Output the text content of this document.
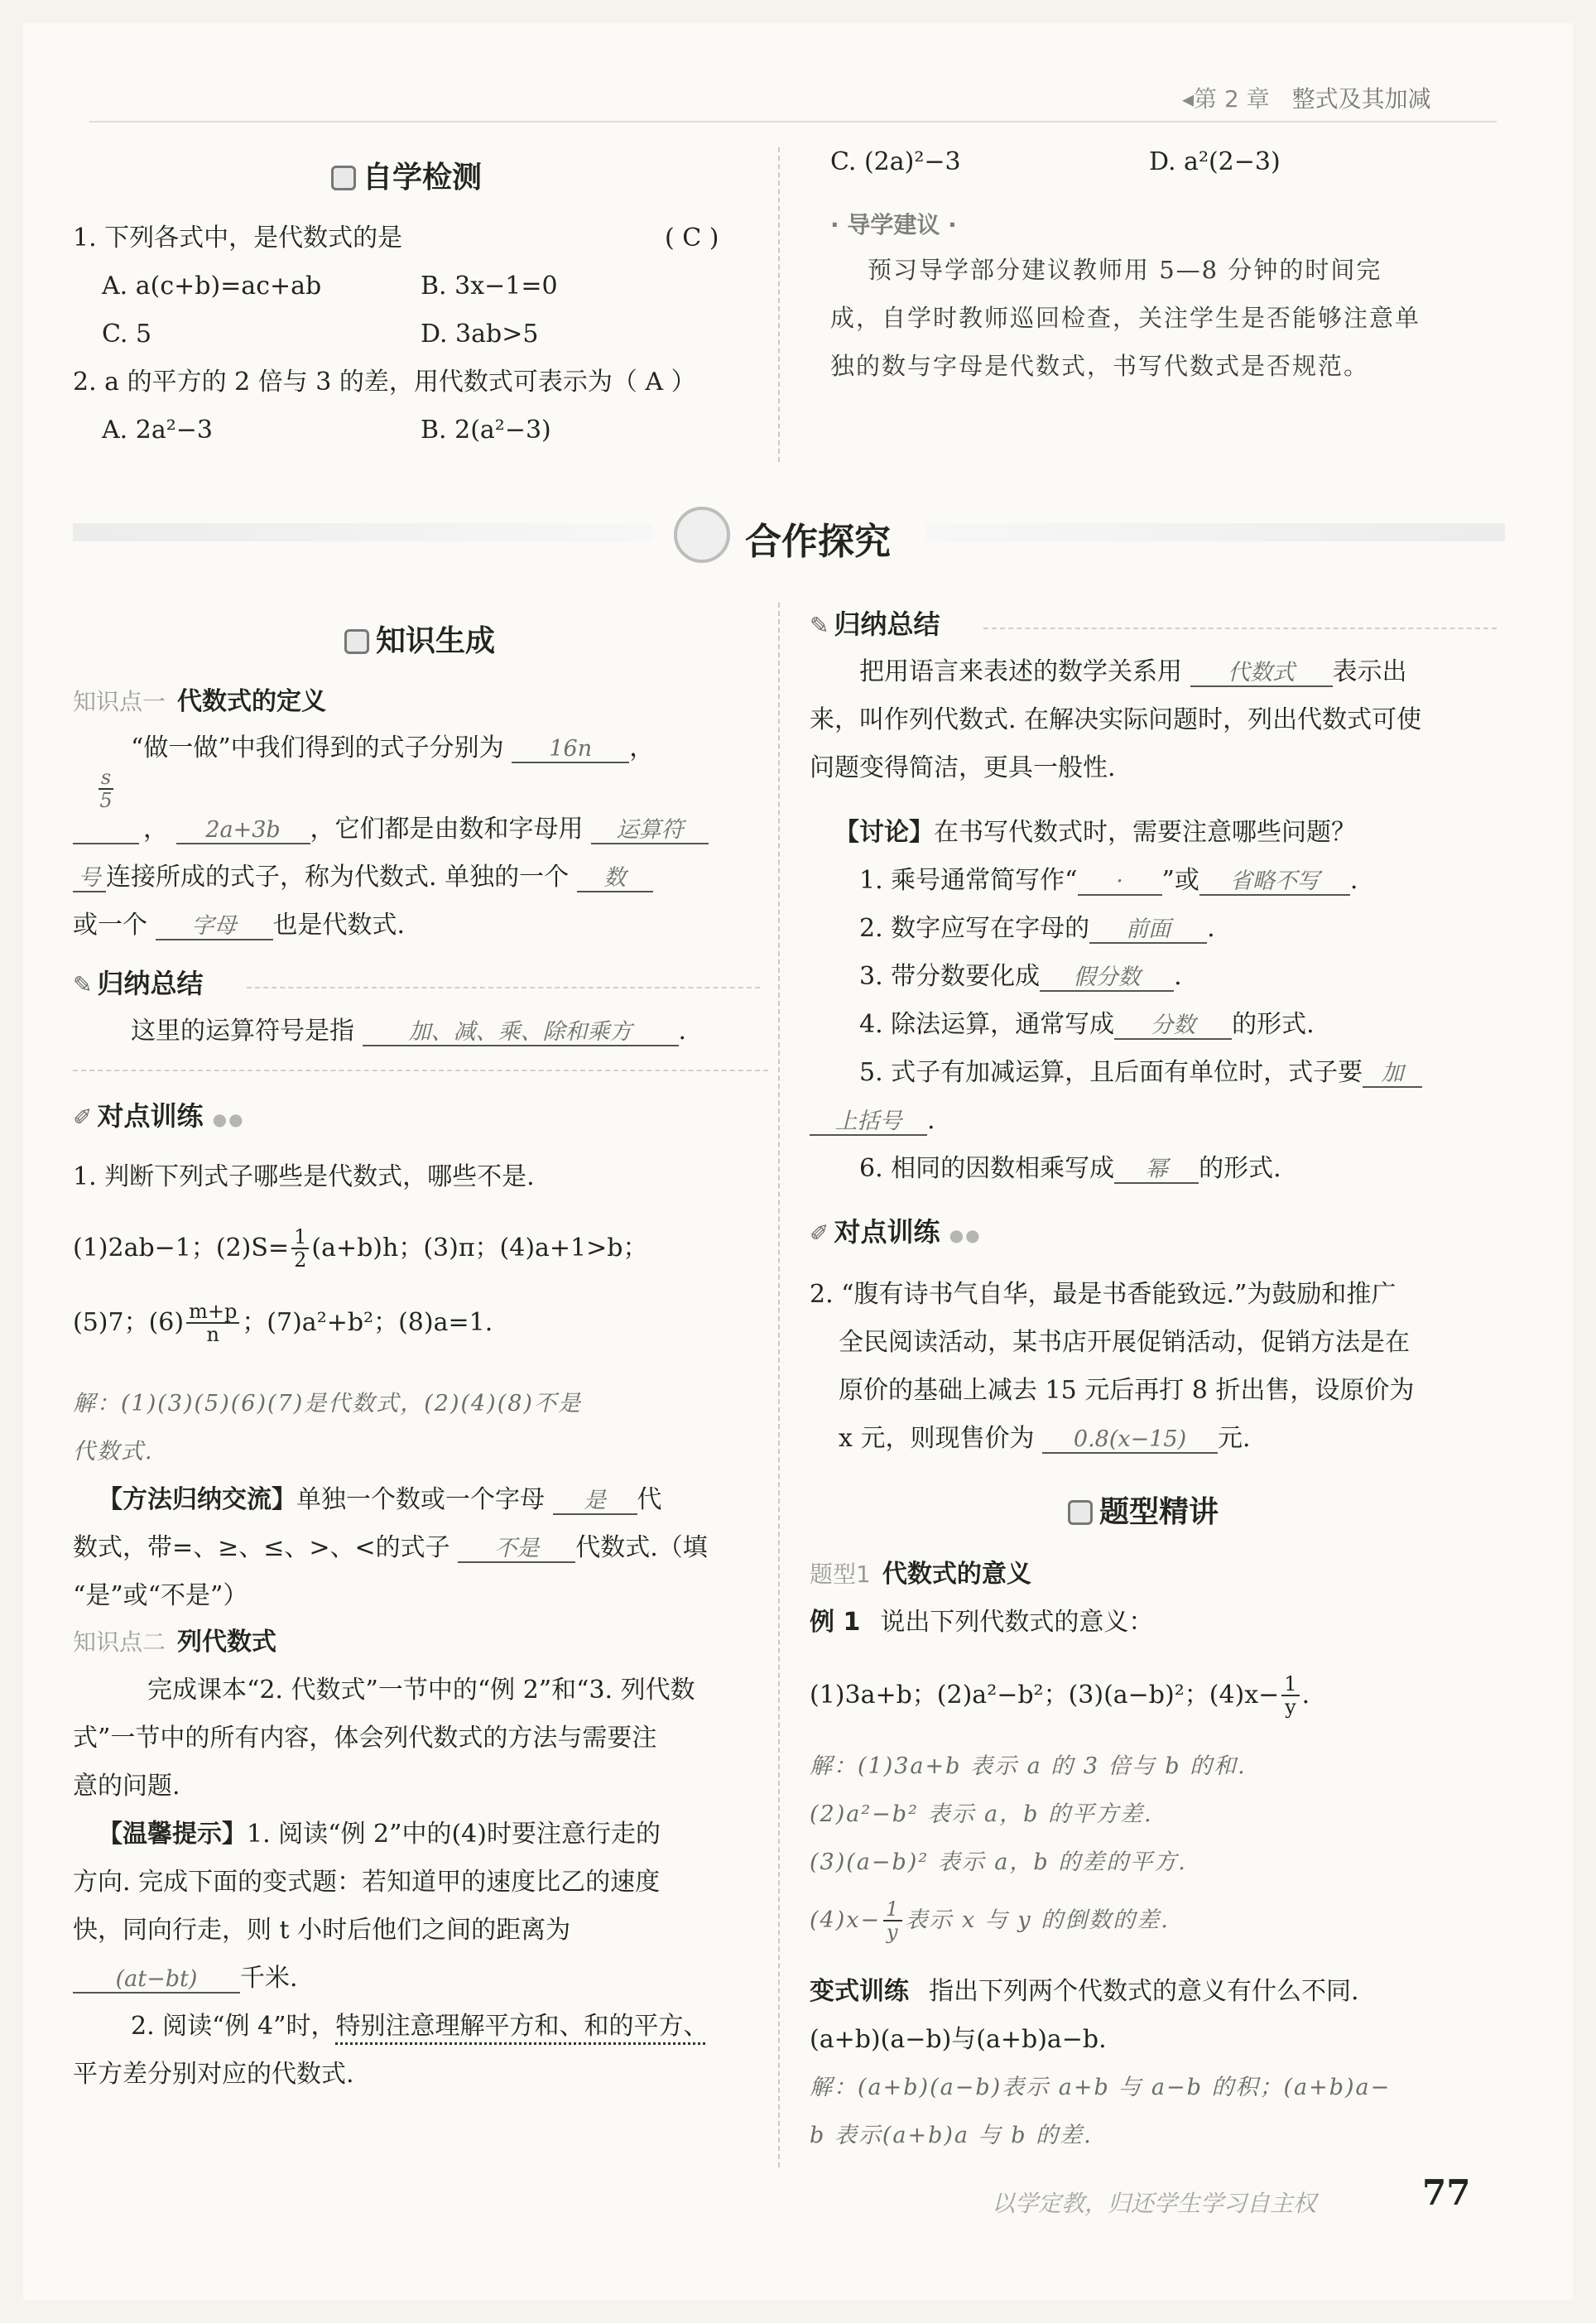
◂第 2 章 整式及其加减
自学检测
1. 下列各式中，是代数式的是	( C )
A. a(c+b)=ac+ab	B. 3x−1=0
C. 5	D. 3ab>5
2. a 的平方的 2 倍与 3 的差，用代数式可表示为（ A ）
A. 2a²−3	B. 2(a²−3)
C. (2a)²−3	D. a²(2−3)
· 导学建议 ·
预习导学部分建议教师用 5—8 分钟的时间完
成，自学时教师巡回检查，关注学生是否能够注意单
独的数与字母是代数式，书写代数式是否规范。
合作探究
知识生成
知识点一 代数式的定义
“做一做”中我们得到的式子分别为 16n ，
$\frac{s}{5}$
， 2a+3b ，它们都是由数和字母用 运算符
号 连接所成的式子，称为代数式. 单独的一个 数
或一个 字母 也是代数式.
✎ 归纳总结
这里的运算符号是指 加、减、乘、除和乘方 .
✐ 对点训练 ●●
1. 判断下列式子哪些是代数式，哪些不是.
(1)2ab−1；$(2)S= \frac{1}{2} (a+b)h$；(3)π；(4)a+1>b；
(5)7；$(6) \frac{m+p}{n}$ ；(7)a²+b²；(8)a=1.
解：(1)(3)(5)(6)(7)是代数式，(2)(4)(8)不是
代数式.
【方法归纳交流】单独一个数或一个字母 是 代
数式，带=、≥、≤、>、<的式子 不是 代数式.（填
“是”或“不是”）
知识点二 列代数式
完成课本“2. 代数式”一节中的“例 2”和“3. 列代数
式”一节中的所有内容，体会列代数式的方法与需要注
意的问题.
【温馨提示】1. 阅读“例 2”中的(4)时要注意行走的
方向. 完成下面的变式题：若知道甲的速度比乙的速度
快，同向行走，则 t 小时后他们之间的距离为
(at−bt) 千米.
2. 阅读“例 4”时，特别注意理解平方和、和的平方、
平方差分别对应的代数式.
✎ 归纳总结
把用语言来表述的数学关系用 代数式 表示出
来，叫作列代数式. 在解决实际问题时，列出代数式可使
问题变得简洁，更具一般性.
【讨论】在书写代数式时，需要注意哪些问题？
1. 乘号通常简写作“ · ”或 省略不写 .
2. 数字应写在字母的 前面 .
3. 带分数要化成 假分数 .
4. 除法运算，通常写成 分数 的形式.
5. 式子有加减运算，且后面有单位时，式子要 加
上括号 .
6. 相同的因数相乘写成 幂 的形式.
✐ 对点训练 ●●
2. “腹有诗书气自华，最是书香能致远.”为鼓励和推广
全民阅读活动，某书店开展促销活动，促销方法是在
原价的基础上减去 15 元后再打 8 折出售，设原价为
x 元，则现售价为 0.8(x−15) 元.
题型精讲
题型1 代数式的意义
例 1 说出下列代数式的意义：
(1)3a+b；(2)a²−b²；(3)(a−b)²；$(4)x- \frac{1}{y}$ .
解：(1)3a+b 表示 a 的 3 倍与 b 的和.
(2)a²−b² 表示 a，b 的平方差.
(3)(a−b)² 表示 a，b 的差的平方.
$(4)x- \frac{1}{y}$ 表示 x 与 y 的倒数的差.
变式训练 指出下列两个代数式的意义有什么不同.
(a+b)(a−b)与(a+b)a−b.
解：(a+b)(a−b)表示 a+b 与 a−b 的积；(a+b)a−
b 表示(a+b)a 与 b 的差.
以学定教，归还学生学习自主权	77
